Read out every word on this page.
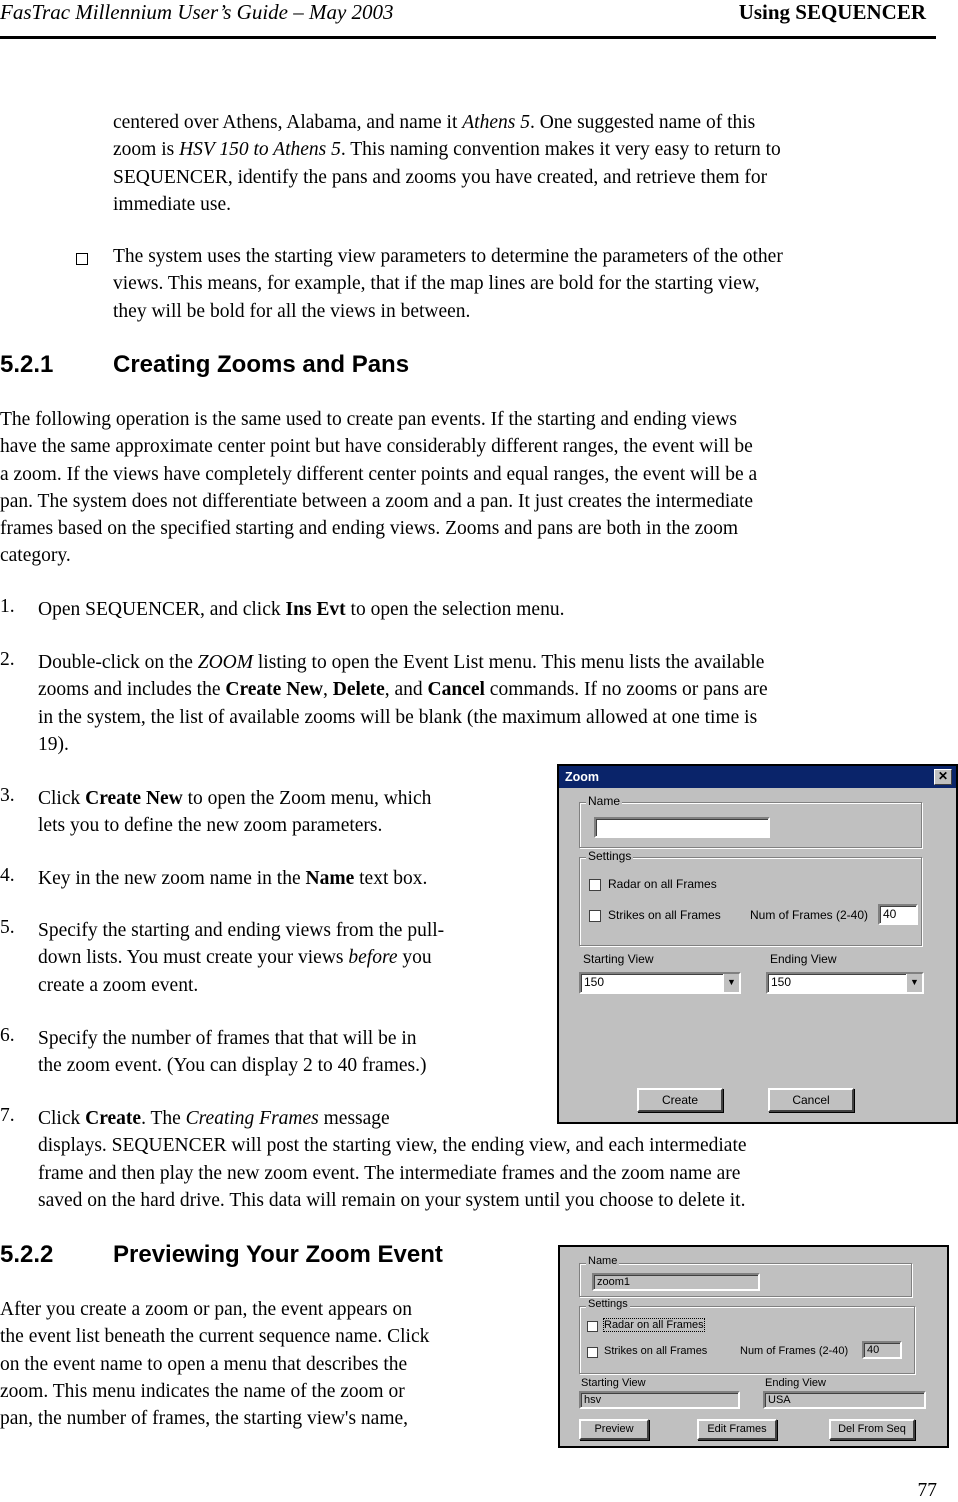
FasTrac Millennium User’s Guide – May 2003	Using SEQUENCER
centered over Athens, Alabama, and name it Athens 5. One suggested name of this
zoom is HSV 150 to Athens 5. This naming convention makes it very easy to return to
SEQUENCER, identify the pans and zooms you have created, and retrieve them for
immediate use.
The system uses the starting view parameters to determine the parameters of the other
views. This means, for example, that if the map lines are bold for the starting view,
they will be bold for all the views in between.
5.2.1 Creating Zooms and Pans
The following operation is the same used to create pan events. If the starting and ending views
have the same approximate center point but have considerably different ranges, the event will be
a zoom. If the views have completely different center points and equal ranges, the event will be a
pan. The system does not differentiate between a zoom and a pan. It just creates the intermediate
frames based on the specified starting and ending views. Zooms and pans are both in the zoom
category.
1. Open SEQUENCER, and click Ins Evt to open the selection menu.
2. Double-click on the ZOOM listing to open the Event List menu. This menu lists the available
zooms and includes the Create New, Delete, and Cancel commands. If no zooms or pans are
in the system, the list of available zooms will be blank (the maximum allowed at one time is
19).
3. Click Create New to open the Zoom menu, which
lets you to define the new zoom parameters.
4. Key in the new zoom name in the Name text box.
5. Specify the starting and ending views from the pull-
down lists. You must create your views before you
create a zoom event.
6. Specify the number of frames that that will be in
the zoom event. (You can display 2 to 40 frames.)
7. Click Create. The Creating Frames message
displays. SEQUENCER will post the starting view, the ending view, and each intermediate
frame and then play the new zoom event. The intermediate frames and the zoom name are
saved on the hard drive. This data will remain on your system until you choose to delete it.
Zoom	✕
Name
Settings
Radar on all Frames
Strikes on all Frames Num of Frames (2-40)	40
Starting View
150	▼
Ending View
150	▼
Create	Cancel
5.2.2 Previewing Your Zoom Event
After you create a zoom or pan, the event appears on
the event list beneath the current sequence name. Click
on the event name to open a menu that describes the
zoom. This menu indicates the name of the zoom or
pan, the number of frames, the starting view's name,
Name
zoom1
Settings
Radar on all Frames
Strikes on all Frames	Num of Frames (2-40)	40
Starting View
hsv
Ending View
USA
Preview	Edit Frames	Del From Seq
77
